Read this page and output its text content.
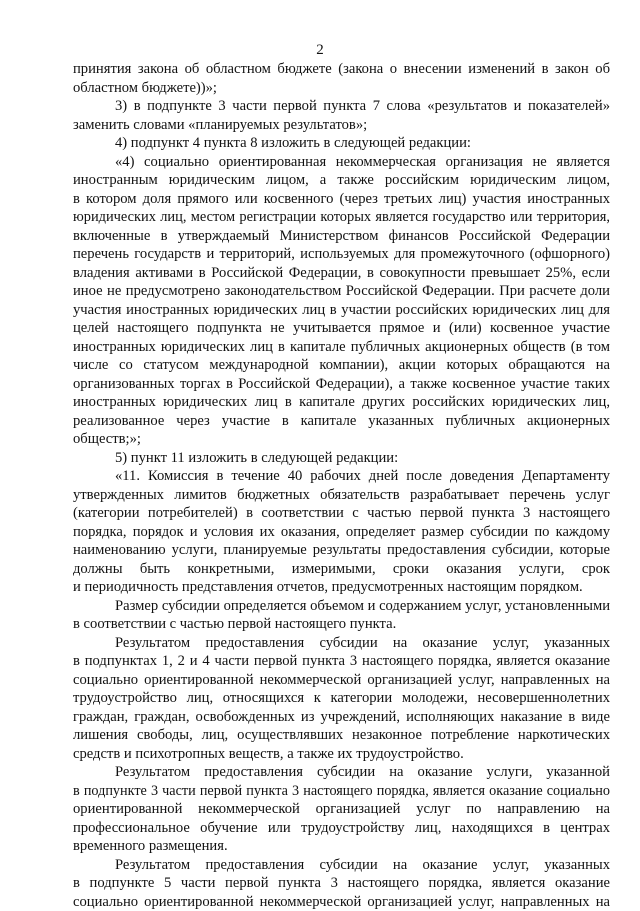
2
принятия закона об областном бюджете (закона о внесении изменений в закон об
областном бюджете))»;
3) в подпункте 3 части первой пункта 7 слова «результатов и показателей»
заменить словами «планируемых результатов»;
4) подпункт 4 пункта 8 изложить в следующей редакции:
«4) социально ориентированная некоммерческая организация не является
иностранным юридическим лицом, а также российским юридическим лицом,
в котором доля прямого или косвенного (через третьих лиц) участия иностранных
юридических лиц, местом регистрации которых является государство или территория,
включенные в утверждаемый Министерством финансов Российской Федерации
перечень государств и территорий, используемых для промежуточного (офшорного)
владения активами в Российской Федерации, в совокупности превышает 25%, если
иное не предусмотрено законодательством Российской Федерации. При расчете доли
участия иностранных юридических лиц в участии российских юридических лиц для
целей настоящего подпункта не учитывается прямое и (или) косвенное участие
иностранных юридических лиц в капитале публичных акционерных обществ (в том
числе со статусом международной компании), акции которых обращаются на
организованных торгах в Российской Федерации), а также косвенное участие таких
иностранных юридических лиц в капитале других российских юридических лиц,
реализованное через участие в капитале указанных публичных акционерных
обществ;»;
5) пункт 11 изложить в следующей редакции:
«11. Комиссия в течение 40 рабочих дней после доведения Департаменту
утвержденных лимитов бюджетных обязательств разрабатывает перечень услуг
(категории потребителей) в соответствии с частью первой пункта 3 настоящего
порядка, порядок и условия их оказания, определяет размер субсидии по каждому
наименованию услуги, планируемые результаты предоставления субсидии, которые
должны быть конкретными, измеримыми, сроки оказания услуги, срок
и периодичность представления отчетов, предусмотренных настоящим порядком.
Размер субсидии определяется объемом и содержанием услуг, установленными
в соответствии с частью первой настоящего пункта.
Результатом предоставления субсидии на оказание услуг, указанных
в подпунктах 1, 2 и 4 части первой пункта 3 настоящего порядка, является оказание
социально ориентированной некоммерческой организацией услуг, направленных на
трудоустройство лиц, относящихся к категории молодежи, несовершеннолетних
граждан, граждан, освобожденных из учреждений, исполняющих наказание в виде
лишения свободы, лиц, осуществлявших незаконное потребление наркотических
средств и психотропных веществ, а также их трудоустройство.
Результатом предоставления субсидии на оказание услуги, указанной
в подпункте 3 части первой пункта 3 настоящего порядка, является оказание социально
ориентированной некоммерческой организацией услуг по направлению на
профессиональное обучение или трудоустройству лиц, находящихся в центрах
временного размещения.
Результатом предоставления субсидии на оказание услуг, указанных
в подпункте 5 части первой пункта 3 настоящего порядка, является оказание
социально ориентированной некоммерческой организацией услуг, направленных на
